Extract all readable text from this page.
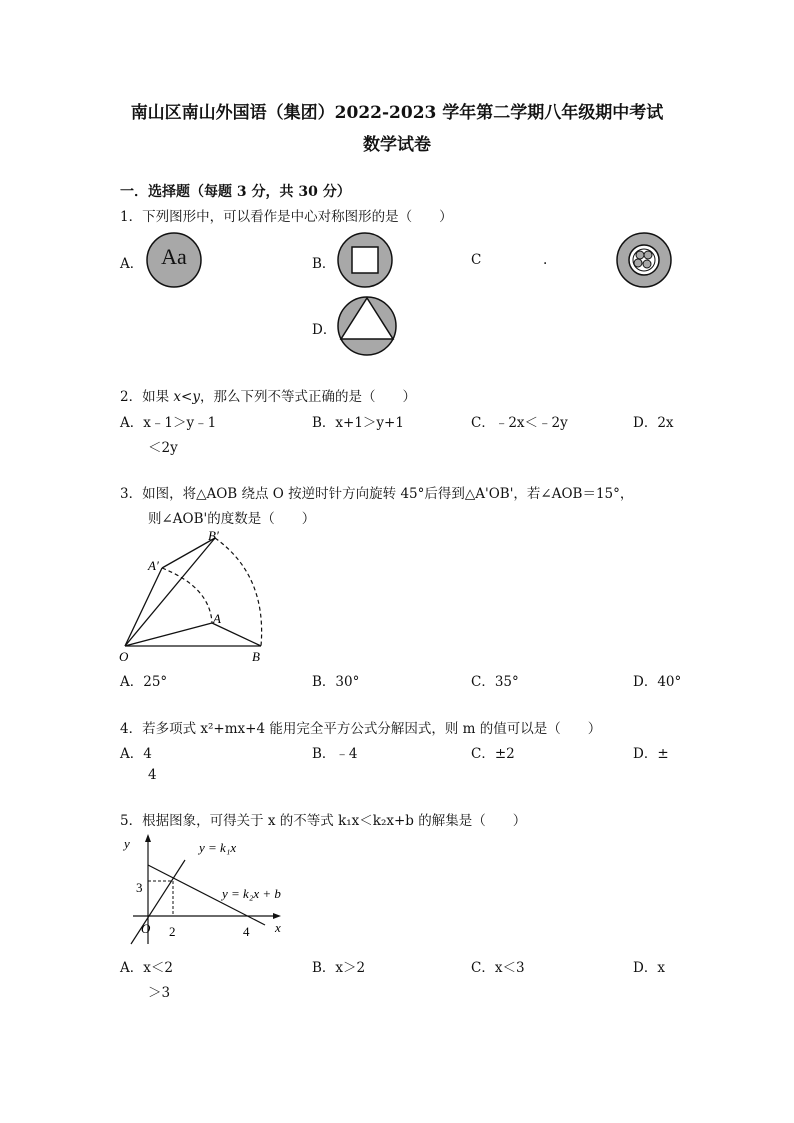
南山区南山外国语（集团）2022-2023 学年第二学期八年级期中考试
数学试卷
一．选择题（每题 3 分，共 30 分）
1．下列图形中，可以看作是中心对称图形的是（　　）
A． Aa	B．	C	.
D．
2．如果 x<y，那么下列不等式正确的是（　　）
A．x﹣1＞y﹣1	B．x+1＞y+1	C．﹣2x＜﹣2y	D．2x
＜2y
3．如图，将△AOB 绕点 O 按逆时针方向旋转 45°后得到△A'OB'，若∠AOB＝15°，
则∠AOB'的度数是（　　）
B′
A′
A
O	B
A．25°	B．30°	C．35°	D．40°
4．若多项式 x²+mx+4 能用完全平方公式分解因式，则 m 的值可以是（　　）
A．4	B．﹣4	C．±2	D．±
4
5．根据图象，可得关于 x 的不等式 k₁x＜k₂x+b 的解集是（　　）
y
x
O
3
2	4
y = k₁x
y = k₂x + b
A．x＜2	B．x＞2	C．x＜3	D．x
＞3
